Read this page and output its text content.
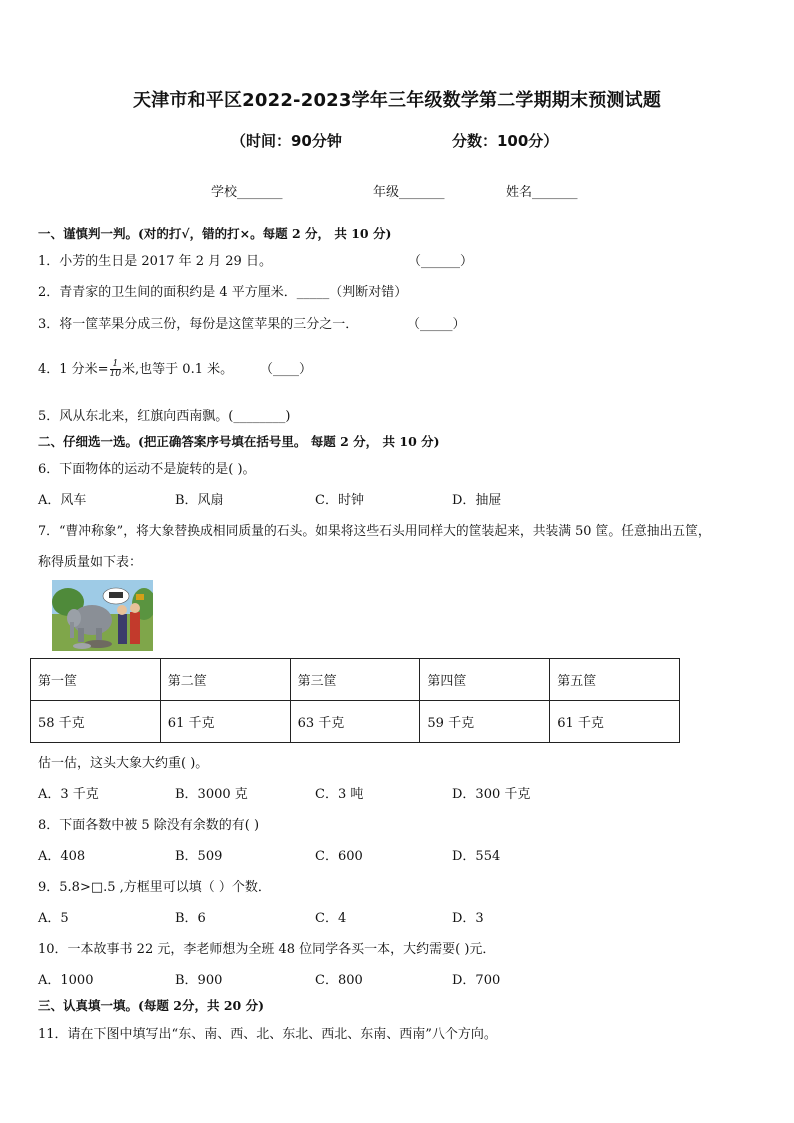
天津市和平区2022-2023学年三年级数学第二学期期末预测试题
（时间：90分钟	分数：100分）
学校_______	年级_______	姓名_______
一、谨慎判一判。(对的打√，错的打×。每题 2 分， 共 10 分)
1．小芳的生日是 2017 年 2 月 29 日。	（______）
2．青青家的卫生间的面积约是 4 平方厘米．_____（判断对错）
3．将一筐苹果分成三份，每份是这筐苹果的三分之一．	（_____）
4．1 分米= $\frac{1}{10}$ 米,也等于 0.1 米。 （____）
5．风从东北来，红旗向西南飘。(________)
二、仔细选一选。(把正确答案序号填在括号里。 每题 2 分， 共 10 分)
6．下面物体的运动不是旋转的是( )。
A．风车	B．风扇	C．时钟	D．抽屉
7．“曹冲称象”，将大象替换成相同质量的石头。如果将这些石头用同样大的筐装起来，共装满 50 筐。任意抽出五筐，
称得质量如下表：
第一筐	第二筐	第三筐	第四筐	第五筐
58 千克	61 千克	63 千克	59 千克	61 千克
估一估，这头大象大约重( )。
A．3 千克	B．3000 克	C．3 吨	D．300 千克
8．下面各数中被 5 除没有余数的有( )
A．408	B．509	C．600	D．554
9．5.8>□.5 ,方框里可以填（ ）个数．
A．5	B．6	C．4	D．3
10．一本故事书 22 元，李老师想为全班 48 位同学各买一本，大约需要( )元．
A．1000	B．900	C．800	D．700
三、认真填一填。(每题 2分，共 20 分)
11．请在下图中填写出“东、南、西、北、东北、西北、东南、西南”八个方向。
